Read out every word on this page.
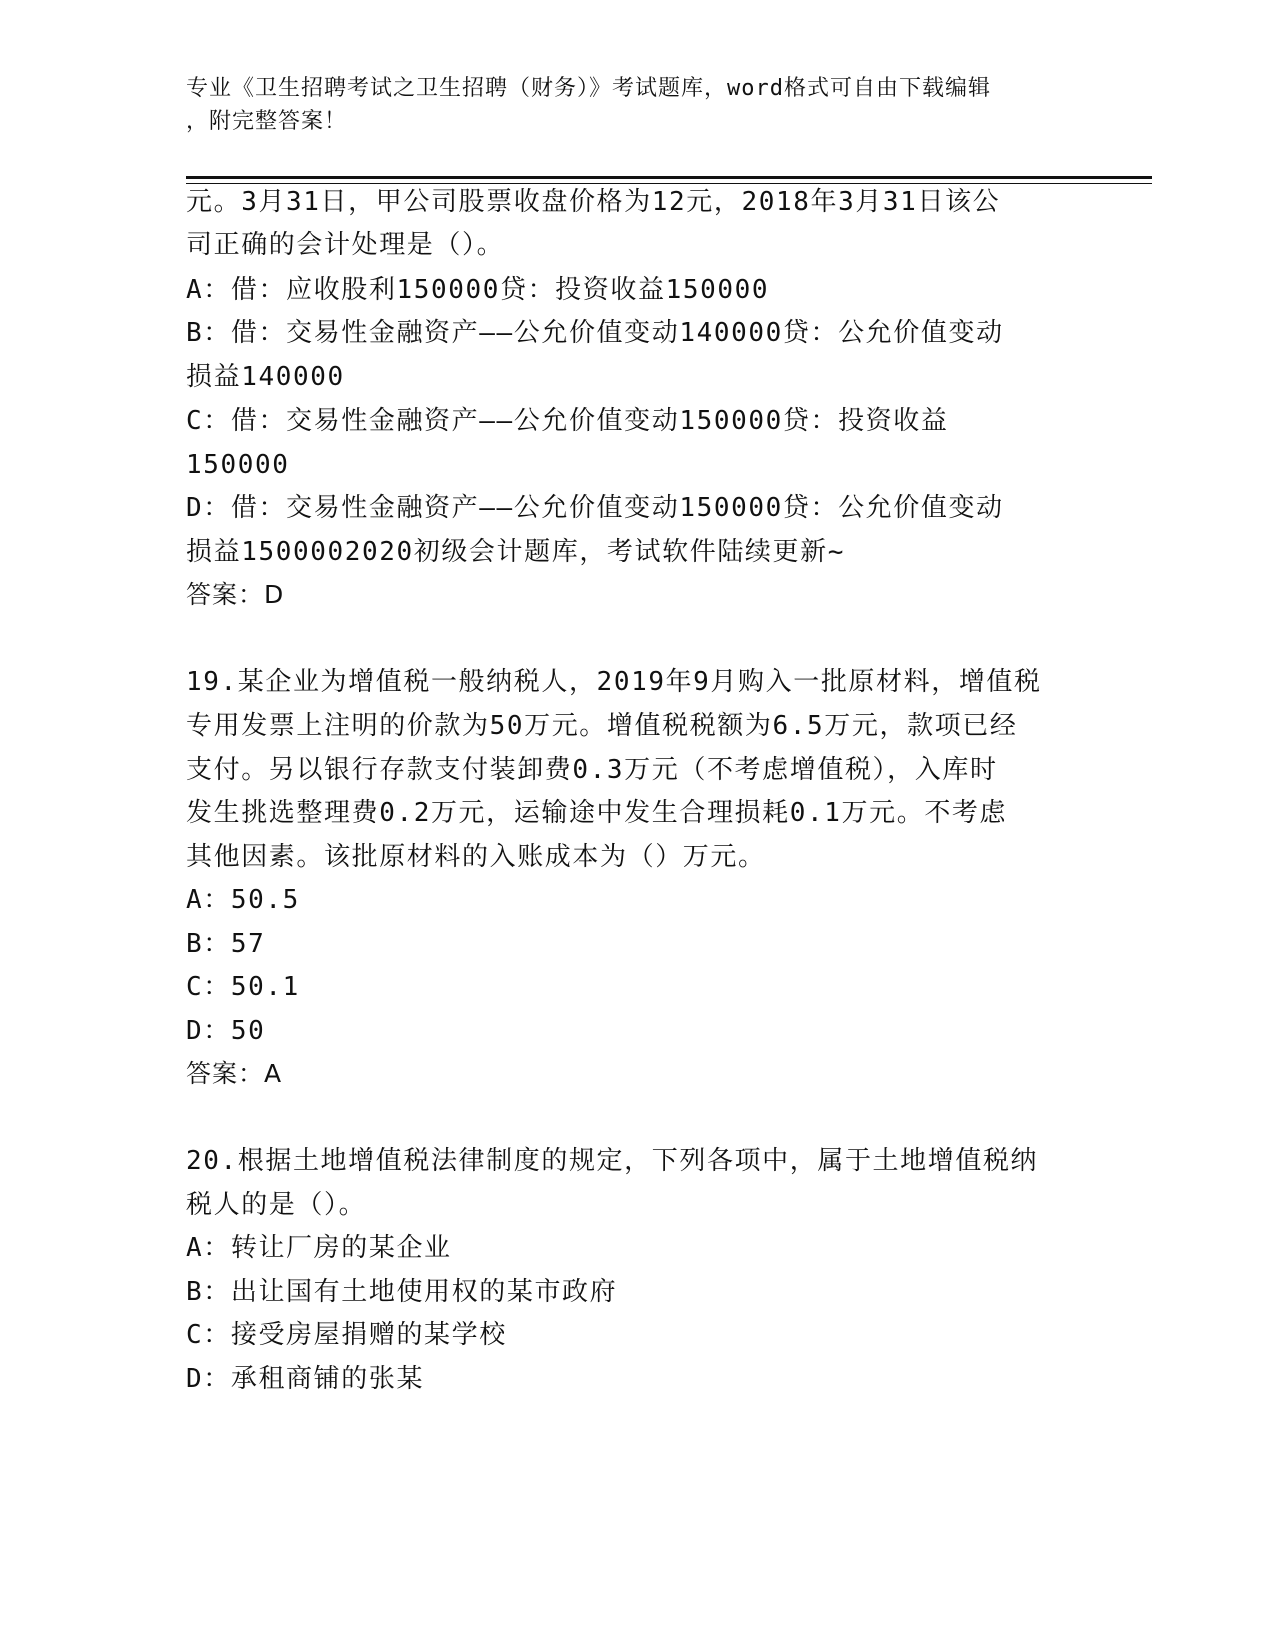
专业《卫生招聘考试之卫生招聘（财务）》考试题库，word格式可自由下载编辑
，附完整答案！
元。3月31日，甲公司股票收盘价格为12元，2018年3月31日该公
司正确的会计处理是（）。
A：借：应收股利150000贷：投资收益150000
B：借：交易性金融资产——公允价值变动140000贷：公允价值变动
损益140000
C：借：交易性金融资产——公允价值变动150000贷：投资收益
150000
D：借：交易性金融资产——公允价值变动150000贷：公允价值变动
损益1500002020初级会计题库，考试软件陆续更新~
答案：D
19.某企业为增值税一般纳税人，2019年9月购入一批原材料，增值税
专用发票上注明的价款为50万元。增值税税额为6.5万元，款项已经
支付。另以银行存款支付装卸费0.3万元（不考虑增值税），入库时
发生挑选整理费0.2万元，运输途中发生合理损耗0.1万元。不考虑
其他因素。该批原材料的入账成本为（）万元。
A：50.5
B：57
C：50.1
D：50
答案：A
20.根据土地增值税法律制度的规定，下列各项中，属于土地增值税纳
税人的是（）。
A：转让厂房的某企业
B：出让国有土地使用权的某市政府
C：接受房屋捐赠的某学校
D：承租商铺的张某
